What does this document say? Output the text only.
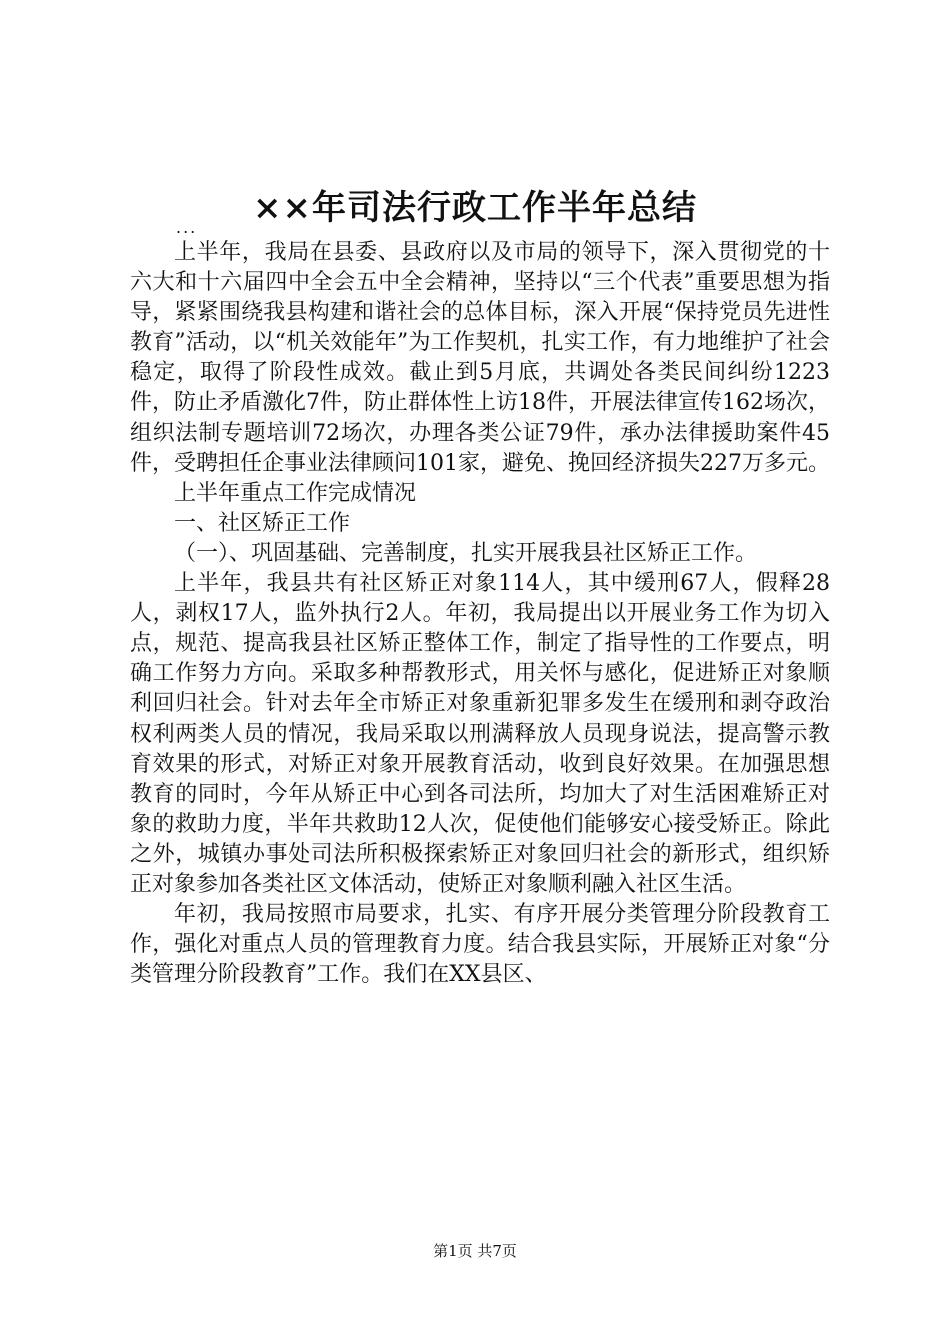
××年司法行政工作半年总结
...

上半年，我局在县委、县政府以及市局的领导下，深入贯彻党的十六大和十六届四中全会五中全会精神，坚持以“三个代表”重要思想为指导，紧紧围绕我县构建和谐社会的总体目标，深入开展“保持党员先进性教育”活动，以“机关效能年”为工作契机，扎实工作，有力地维护了社会稳定，取得了阶段性成效。截止到5月底，共调处各类民间纠纷1223件，防止矛盾激化7件，防止群体性上访18件，开展法律宣传162场次，组织法制专题培训72场次，办理各类公证79件，承办法律援助案件45件，受聘担任企事业法律顾问101家，避免、挽回经济损失227万多元。

上半年重点工作完成情况

一、社区矫正工作

（一）、巩固基础、完善制度，扎实开展我县社区矫正工作。

上半年，我县共有社区矫正对象114人，其中缓刑67人，假释28人，剥权17人，监外执行2人。年初，我局提出以开展业务工作为切入点，规范、提高我县社区矫正整体工作，制定了指导性的工作要点，明确工作努力方向。采取多种帮教形式，用关怀与感化，促进矫正对象顺利回归社会。针对去年全市矫正对象重新犯罪多发生在缓刑和剥夺政治权利两类人员的情况，我局采取以刑满释放人员现身说法，提高警示教育效果的形式，对矫正对象开展教育活动，收到良好效果。在加强思想教育的同时，今年从矫正中心到各司法所，均加大了对生活困难矫正对象的救助力度，半年共救助12人次，促使他们能够安心接受矫正。除此之外，城镇办事处司法所积极探索矫正对象回归社会的新形式，组织矫正对象参加各类社区文体活动，使矫正对象顺利融入社区生活。

年初，我局按照市局要求，扎实、有序开展分类管理分阶段教育工作，强化对重点人员的管理教育力度。结合我县实际，开展矫正对象“分类管理分阶段教育”工作。我们在XX县区、

第1页 共7页
